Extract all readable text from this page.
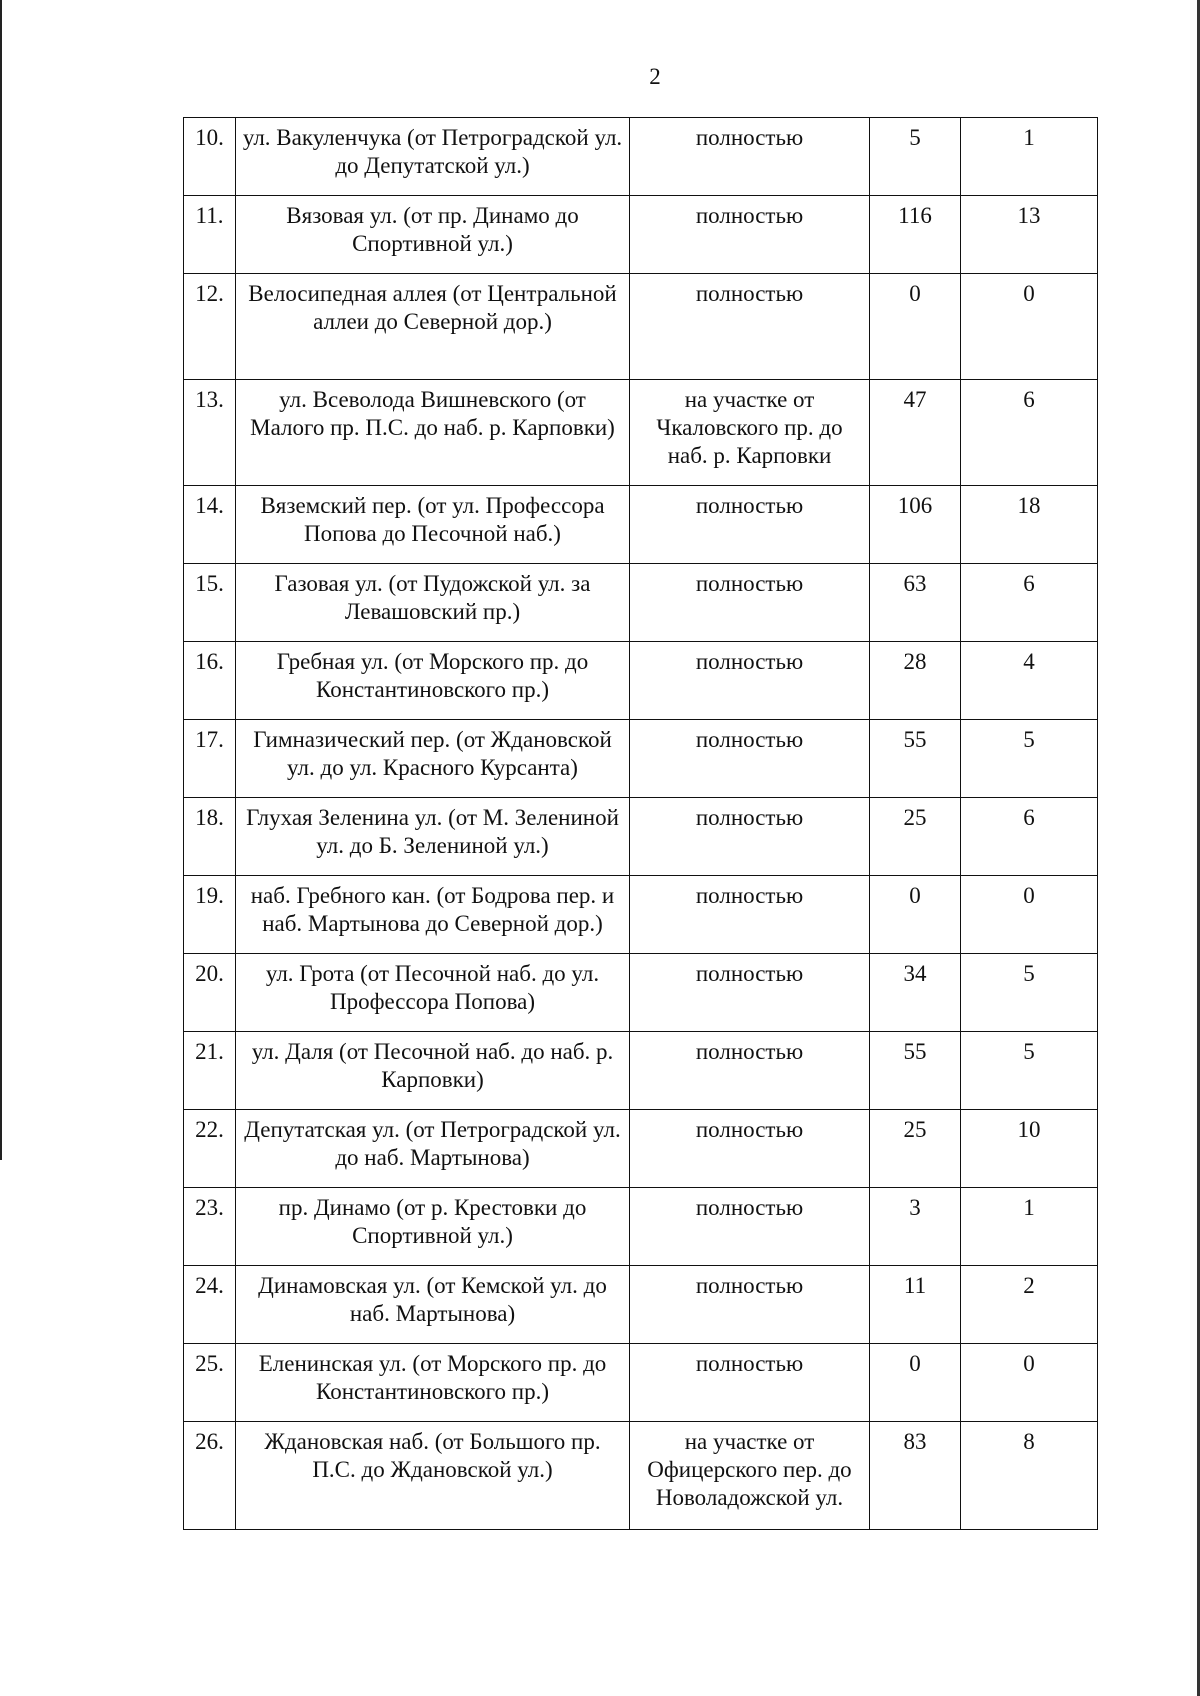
2
10.	ул. Вакуленчука (от Петроградской ул. до Депутатской ул.)	полностью	5	1
11.	Вязовая ул. (от пр. Динамо до Спортивной ул.)	полностью	116	13
12.	Велосипедная аллея (от Центральной аллеи до Северной дор.)	полностью	0	0
13.	ул. Всеволода Вишневского (от Малого пр. П.С. до наб. р. Карповки)	на участке от Чкаловского пр. до наб. р. Карповки	47	6
14.	Вяземский пер. (от ул. Профессора Попова до Песочной наб.)	полностью	106	18
15.	Газовая ул. (от Пудожской ул. за Левашовский пр.)	полностью	63	6
16.	Гребная ул. (от Морского пр. до Константиновского пр.)	полностью	28	4
17.	Гимназический пер. (от Ждановской ул. до ул. Красного Курсанта)	полностью	55	5
18.	Глухая Зеленина ул. (от М. Зелениной ул. до Б. Зелениной ул.)	полностью	25	6
19.	наб. Гребного кан. (от Бодрова пер. и наб. Мартынова до Северной дор.)	полностью	0	0
20.	ул. Грота (от Песочной наб. до ул. Профессора Попова)	полностью	34	5
21.	ул. Даля (от Песочной наб. до наб. р. Карповки)	полностью	55	5
22.	Депутатская ул. (от Петроградской ул. до наб. Мартынова)	полностью	25	10
23.	пр. Динамо (от р. Крестовки до Спортивной ул.)	полностью	3	1
24.	Динамовская ул. (от Кемской ул. до наб. Мартынова)	полностью	11	2
25.	Еленинская ул. (от Морского пр. до Константиновского пр.)	полностью	0	0
26.	Ждановская наб. (от Большого пр. П.С. до Ждановской ул.)	на участке от Офицерского пер. до Новоладожской ул.	83	8
